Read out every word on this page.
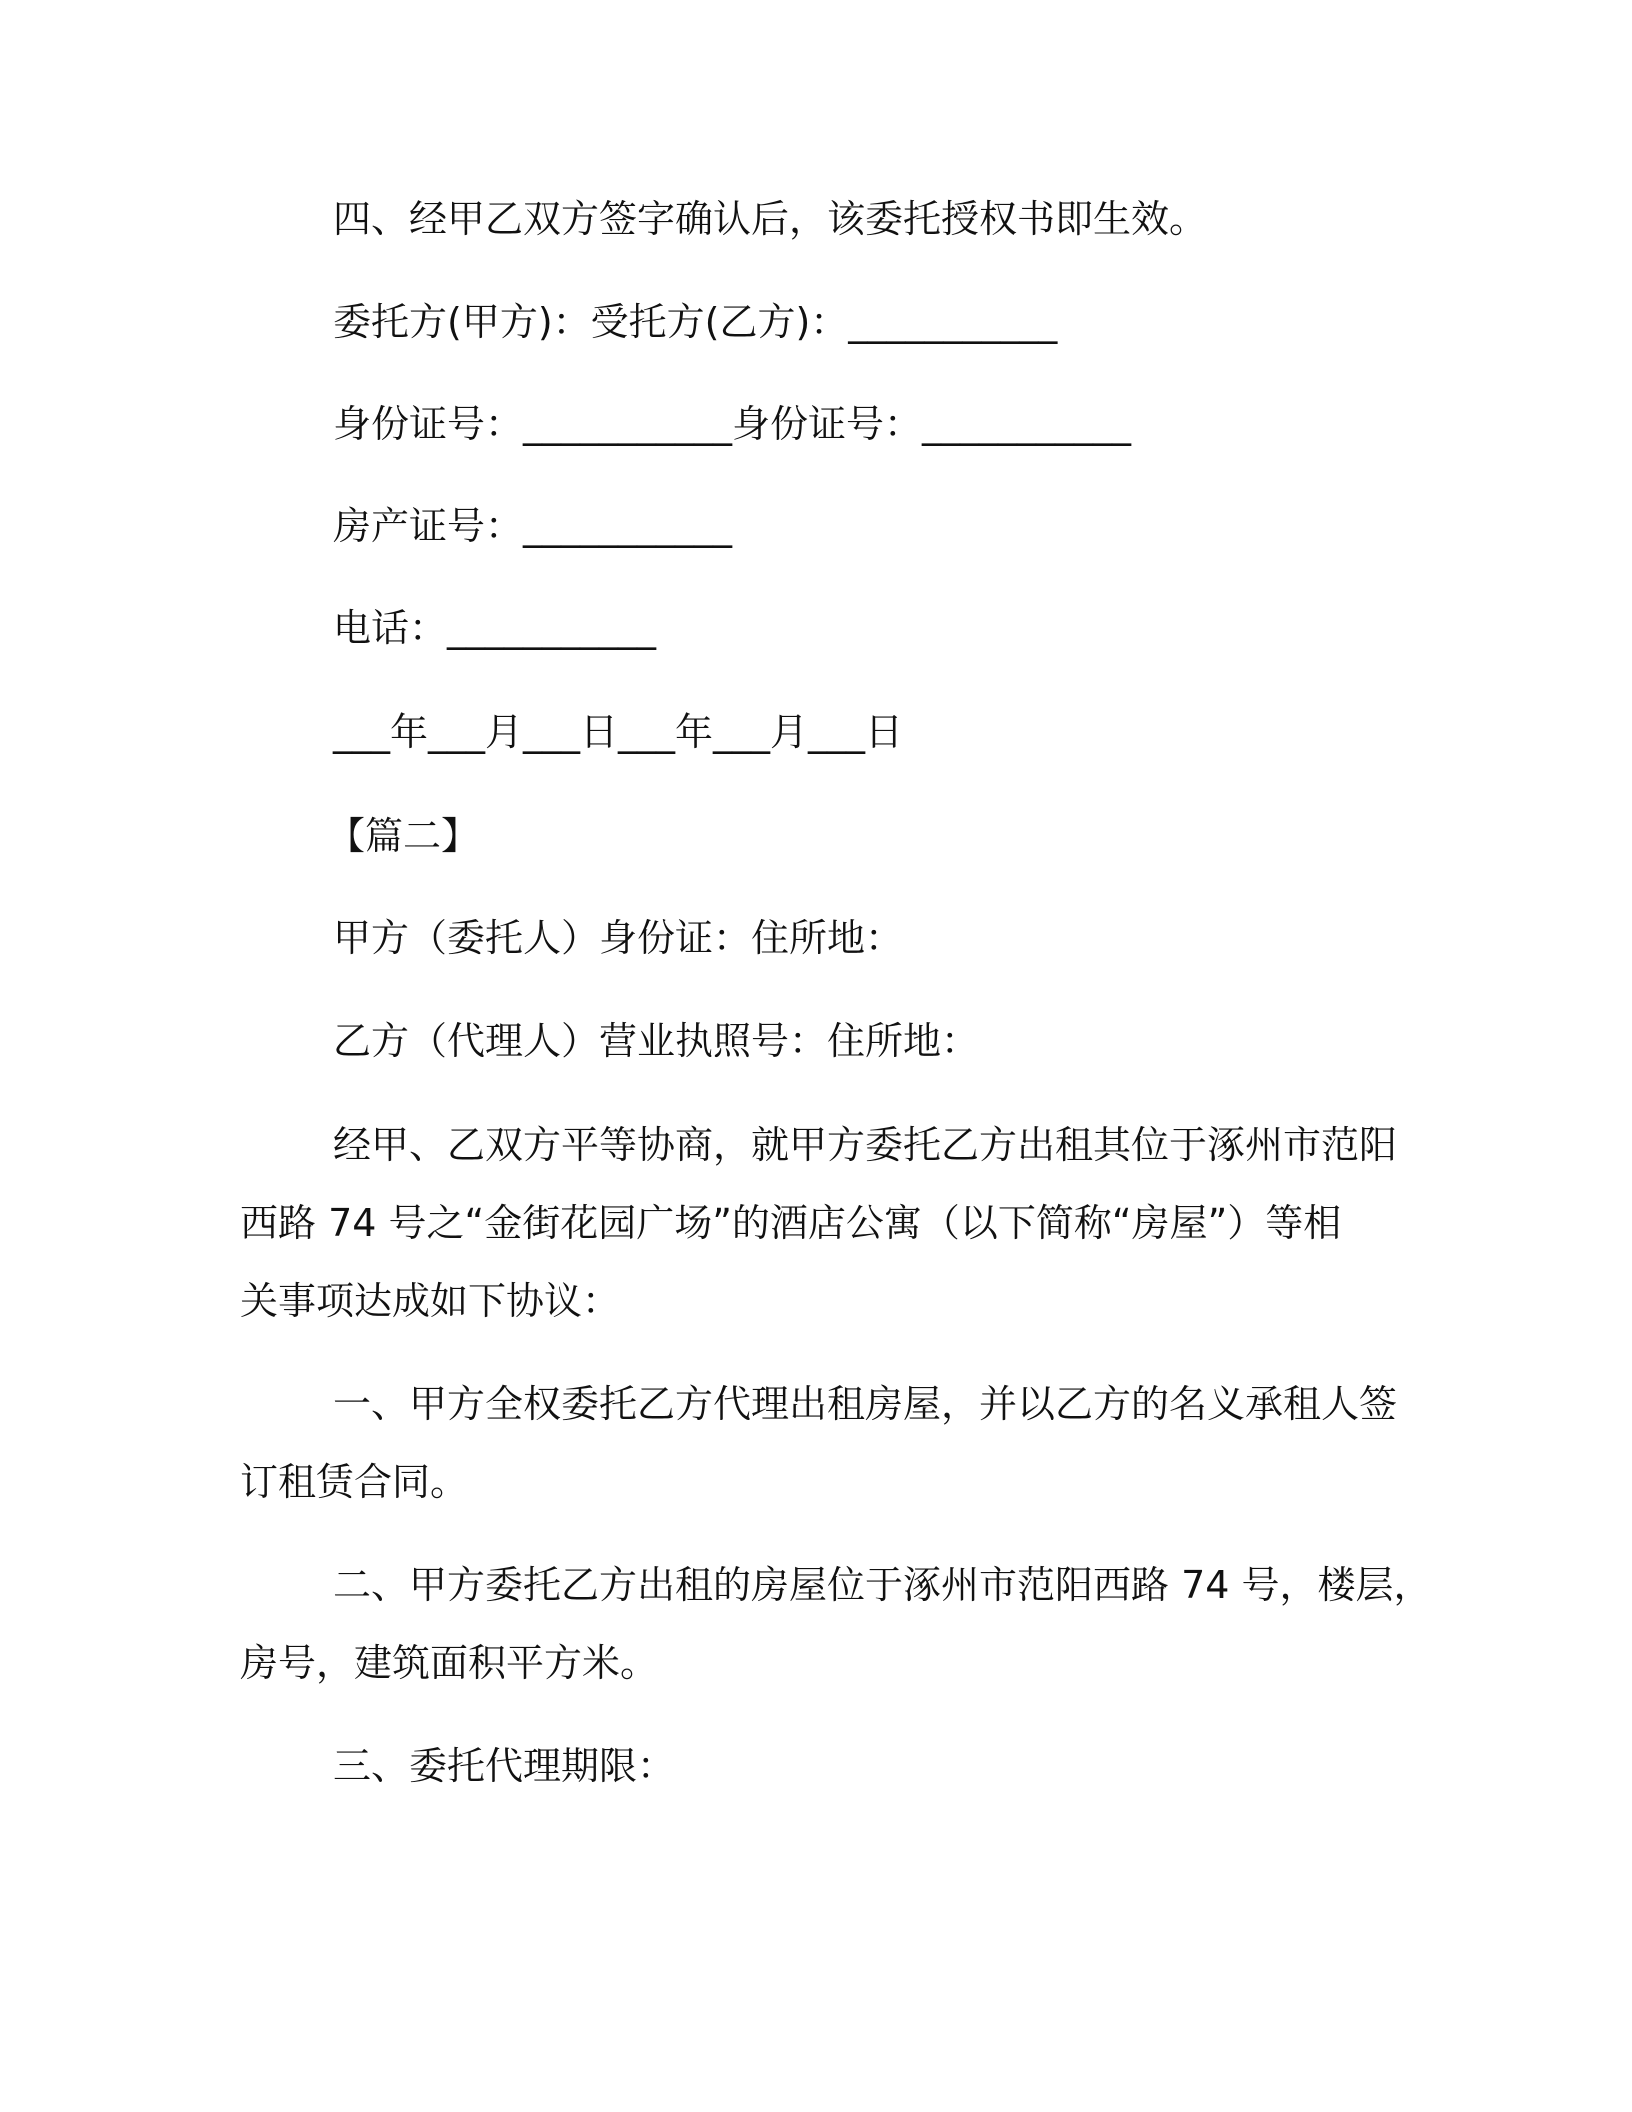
四、经甲乙双方签字确认后，该委托授权书即生效。
委托方(甲方)：受托方(乙方)：___________
身份证号：___________身份证号：___________
房产证号：___________
电话：___________
___年___月___日___年___月___日
【篇二】
甲方（委托人）身份证：住所地：
乙方（代理人）营业执照号：住所地：
经甲、乙双方平等协商，就甲方委托乙方出租其位于涿州市范阳
西路 74 号之“金街花园广场”的酒店公寓（以下简称“房屋”）等相
关事项达成如下协议：
一、甲方全权委托乙方代理出租房屋，并以乙方的名义承租人签
订租赁合同。
二、甲方委托乙方出租的房屋位于涿州市范阳西路 74 号，楼层，
房号，建筑面积平方米。
三、委托代理期限：
